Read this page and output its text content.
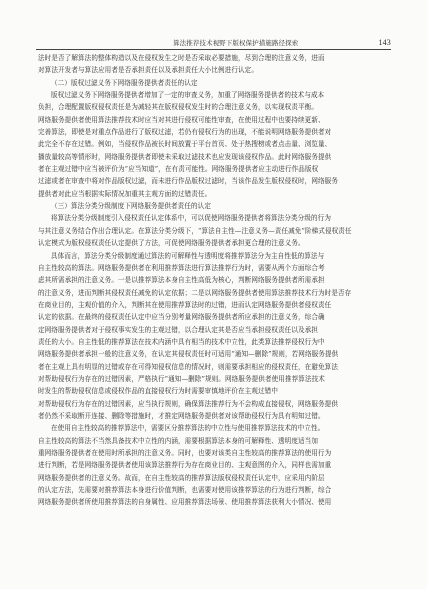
算法推荐技术视野下版权保护措施路径探索	143
法时是否了解算法的整体构造以及在侵权发生之时是否采取必要措施，尽到合理的注意义务，进而
对算法开发者与算法应用者是否承担责任以及承担责任大小比例进行认定。
（二）版权过滤义务下网络服务提供者责任的认定
版权过滤义务下网络服务提供者增加了一定的审查义务，加重了网络服务提供者的技术与成本
负担，合理配置版权侵权责任是为减轻其在版权侵权发生时的合理注意义务，以实现权责平衡。
网络服务提供者使用算法推荐技术时应当对其进行侵权可能性审查，在使用过程中也要持续更新、
完善算法，即使是对重点作品进行了版权过滤，若仍有侵权行为的出现，不能说明网络服务提供者对
此完全不存在过错。例如，当侵权作品被长时间放置于平台首页、处于热搜榜或者点击量、浏览量、
播放量较高等情形时，网络服务提供者即使未采取过滤技术也应发现该侵权作品。此时网络服务提供
者在主观过错中应当被评价为“应当知道”，在有责可能性。网络服务提供者应主动进行作品版权
过滤或者在审查中将对作品版权过滤，而未进行作品版权过滤时，当该作品发生版权侵权时，网络服务
提供者对此应当根据实际情况加重其主观方面的过错责任。
（三）算法分类分级制度下网络服务提供者责任的认定
将算法分类分级制度引入侵权责任认定体系中，可以促使网络服务提供者将算法分类分级的行为
与其注意义务结合作出合理认定。在算法分类分级下，“算法自主性—注意义务—责任减免”阶梯式侵权责任
认定模式为版权侵权责任认定提供了方法，可促使网络服务提供者承担更合理的注意义务。
具体而言，算法分类分级制度通过算法的可解释性与透明度将推荐算法分为主自性低的算法与
自主性较高的算法。网络服务提供者在利用推荐算法进行算法推荐行为时，需要从两个方面综合考
虑其所需承担的注意义务。一是以推荐算法本身自主性高低为核心，判断网络服务提供者所需承担
的注意义务，进而判断其侵权责任减免的认定依据；二是以网络服务提供者使用算法推荐技术行为时是否存
在商业目的，主观价值的介入，判断其在使用推荐算法时的过错，进而认定网络服务提供者侵权责任
认定的依据。在最终的侵权责任认定中应当分别考量网络服务提供者所应承担的注意义务，综合确
定网络服务提供者对于侵权事实发生的主观过错，以合理认定其是否应当承担侵权责任以及承担
责任的大小。自主性低的推荐算法在技术内涵中具有相当的技术中立性，此类算法推荐侵权行为中
网络服务提供者承担一般的注意义务，在认定其侵权责任时可适用“通知—删除”规则，若网络服务提供
者在主观上具有明显的过错或存在可得知侵权信息的情况时，则需要承担相应的侵权责任，在避免算法
对帮助侵权行为存在的过错因素，严格执行“通知—删除”规则。网络服务提供者使用推荐算法技术
时发生的帮助侵权信息或侵权作品的直接侵权行为时需要审慎地评价在主观过错中
对帮助侵权行为存在的过错因素，应当执行规则，确保算法推荐行为不会构成直接侵权，网络服务提供
者仍然不采取断开连接、删除等措施时，才推定网络服务提供者对该帮助侵权行为具有明知过错。
在使用自主性较高的推荐算法中，需要区分推荐算法的中立性与使用推荐算法技术的中立性。
自主性较高的算法不当然具备技术中立性的内涵，需要根据算法本身的可解释性、透明度适当加
重网络服务提供者在使用时所承担的注意义务。同时，也要对该类自主性较高的推荐算法的使用行为
进行判断，若是网络服务提供者使用该算法推荐行为存在商业目的、主观意图的介入，同样也需加重
网络服务提供者的注意义务。故而，在自主性较高的推荐算法版权侵权责任认定中，应采用内阶层
的认定方法，先需要对推荐算法本身进行价值判断，也需要对使用该推荐算法的行为进行判断，综合
网络服务提供者所使用推荐算法的自身属性、应用推荐算法场景、使用推荐算法获利大小情况、使用
